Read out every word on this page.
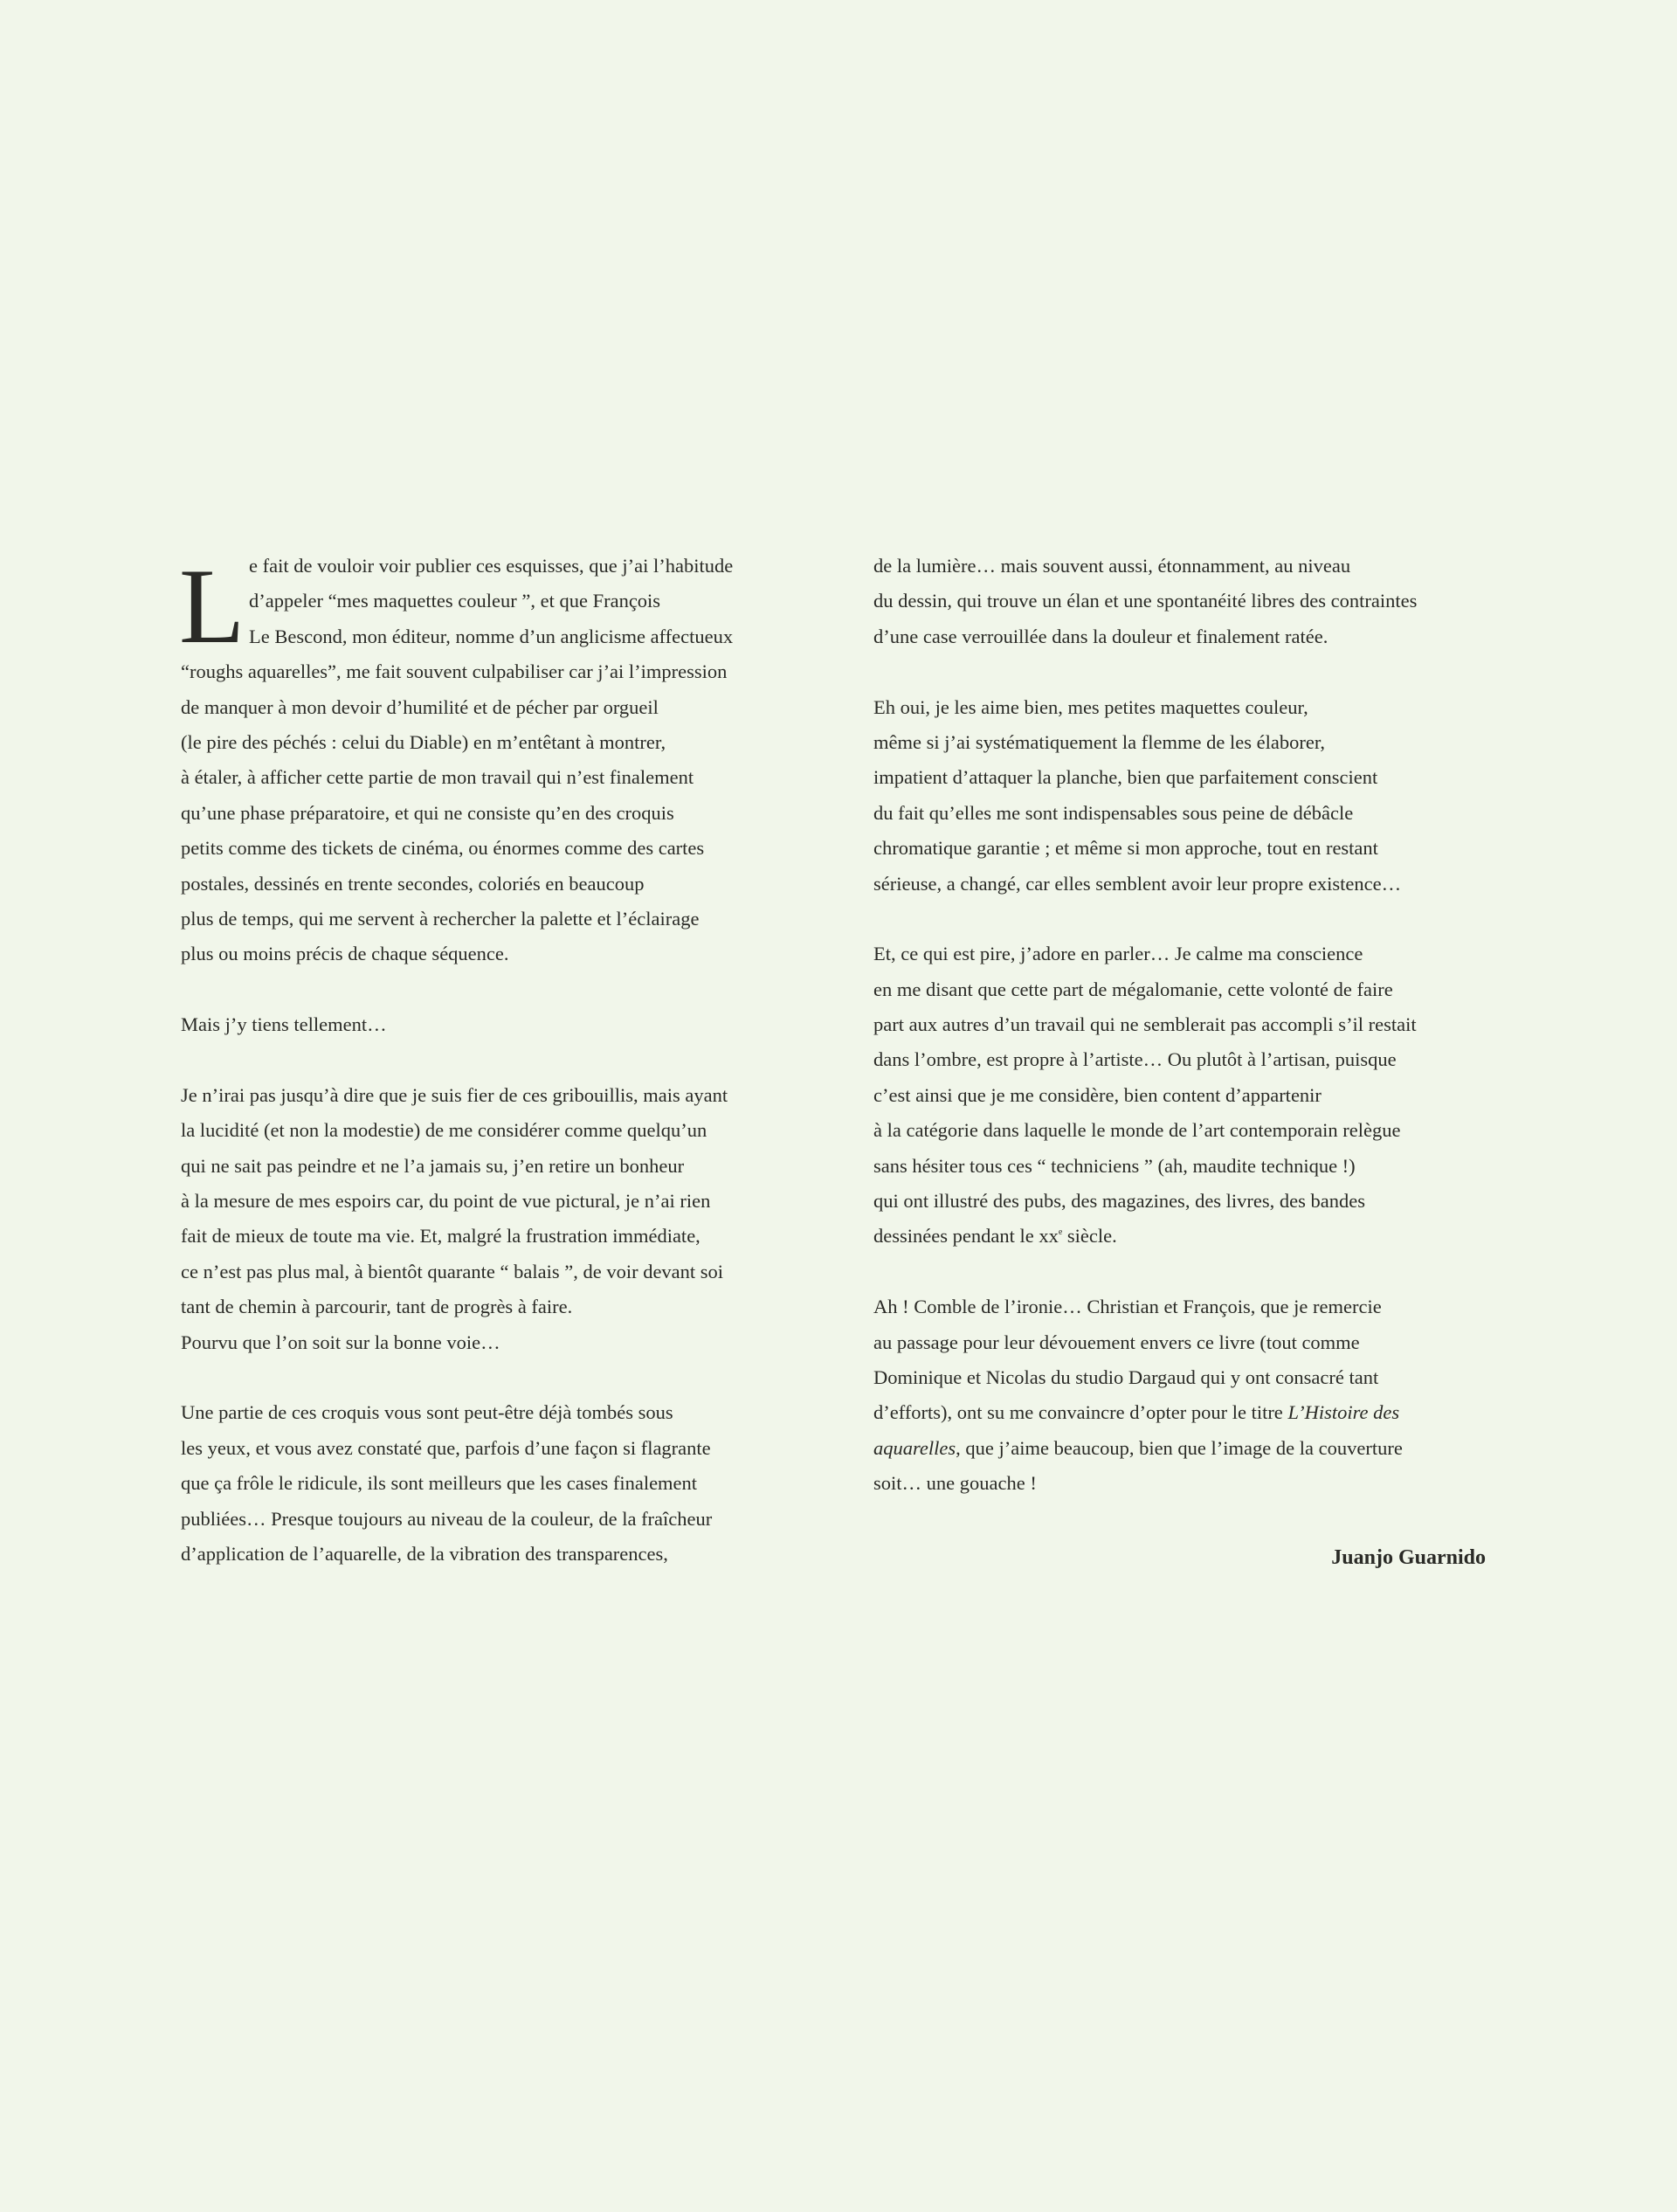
L e fait de vouloir voir publier ces esquisses, que j’ai l’habitude
d’appeler “mes maquettes couleur ”, et que François
Le Bescond, mon éditeur, nomme d’un anglicisme affectueux
“roughs aquarelles”, me fait souvent culpabiliser car j’ai l’impression
de manquer à mon devoir d’humilité et de pécher par orgueil
(le pire des péchés : celui du Diable) en m’entêtant à montrer,
à étaler, à afficher cette partie de mon travail qui n’est finalement
qu’une phase préparatoire, et qui ne consiste qu’en des croquis
petits comme des tickets de cinéma, ou énormes comme des cartes
postales, dessinés en trente secondes, coloriés en beaucoup
plus de temps, qui me servent à rechercher la palette et l’éclairage
plus ou moins précis de chaque séquence.
Mais j’y tiens tellement…
Je n’irai pas jusqu’à dire que je suis fier de ces gribouillis, mais ayant
la lucidité (et non la modestie) de me considérer comme quelqu’un
qui ne sait pas peindre et ne l’a jamais su, j’en retire un bonheur
à la mesure de mes espoirs car, du point de vue pictural, je n’ai rien
fait de mieux de toute ma vie. Et, malgré la frustration immédiate,
ce n’est pas plus mal, à bientôt quarante “ balais ”, de voir devant soi
tant de chemin à parcourir, tant de progrès à faire.
Pourvu que l’on soit sur la bonne voie…
Une partie de ces croquis vous sont peut-être déjà tombés sous
les yeux, et vous avez constaté que, parfois d’une façon si flagrante
que ça frôle le ridicule, ils sont meilleurs que les cases finalement
publiées… Presque toujours au niveau de la couleur, de la fraîcheur
d’application de l’aquarelle, de la vibration des transparences,
de la lumière… mais souvent aussi, étonnamment, au niveau
du dessin, qui trouve un élan et une spontanéité libres des contraintes
d’une case verrouillée dans la douleur et finalement ratée.
Eh oui, je les aime bien, mes petites maquettes couleur,
même si j’ai systématiquement la flemme de les élaborer,
impatient d’attaquer la planche, bien que parfaitement conscient
du fait qu’elles me sont indispensables sous peine de débâcle
chromatique garantie ; et même si mon approche, tout en restant
sérieuse, a changé, car elles semblent avoir leur propre existence…
Et, ce qui est pire, j’adore en parler… Je calme ma conscience
en me disant que cette part de mégalomanie, cette volonté de faire
part aux autres d’un travail qui ne semblerait pas accompli s’il restait
dans l’ombre, est propre à l’artiste… Ou plutôt à l’artisan, puisque
c’est ainsi que je me considère, bien content d’appartenir
à la catégorie dans laquelle le monde de l’art contemporain relègue
sans hésiter tous ces “ techniciens ” (ah, maudite technique !)
qui ont illustré des pubs, des magazines, des livres, des bandes
dessinées pendant le $xx^e$ siècle.
Ah ! Comble de l’ironie… Christian et François, que je remercie
au passage pour leur dévouement envers ce livre (tout comme
Dominique et Nicolas du studio Dargaud qui y ont consacré tant
d’efforts), ont su me convaincre d’opter pour le titre L’Histoire des
aquarelles, que j’aime beaucoup, bien que l’image de la couverture
soit… une gouache !
Juanjo Guarnido
